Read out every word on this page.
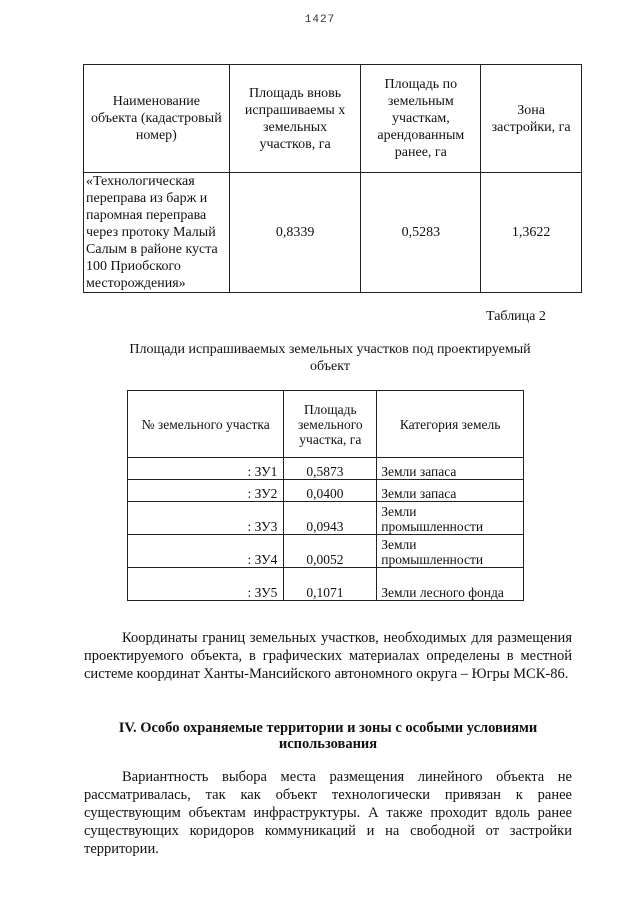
1427
Наименование объекта (кадастровый номер)	Площадь вновь испрашиваемы х земельных участков, га	Площадь по земельным участкам, арендованным ранее, га	Зона застройки, га
«Технологическая переправа из барж и паромная переправа через протоку Малый Салым в районе куста 100 Приобского месторождения»	0,8339	0,5283	1,3622
Таблица 2
Площади испрашиваемых земельных участков под проектируемый объект
№ земельного участка	Площадь земельного участка, га	Категория земель
: ЗУ1	0,5873	Земли запаса
: ЗУ2	0,0400	Земли запаса
: ЗУ3	0,0943	Земли промышленности
: ЗУ4	0,0052	Земли промышленности
: ЗУ5	0,1071	Земли лесного фонда
Координаты границ земельных участков, необходимых для размещения проектируемого объекта, в графических материалах определены в местной системе координат Ханты-Мансийского автономного округа – Югры МСК-86.
IV. Особо охраняемые территории и зоны с особыми условиями использования
Вариантность выбора места размещения линейного объекта не рассматривалась, так как объект технологически привязан к ранее существующим объектам инфраструктуры. А также проходит вдоль ранее существующих коридоров коммуникаций и на свободной от застройки территории.
